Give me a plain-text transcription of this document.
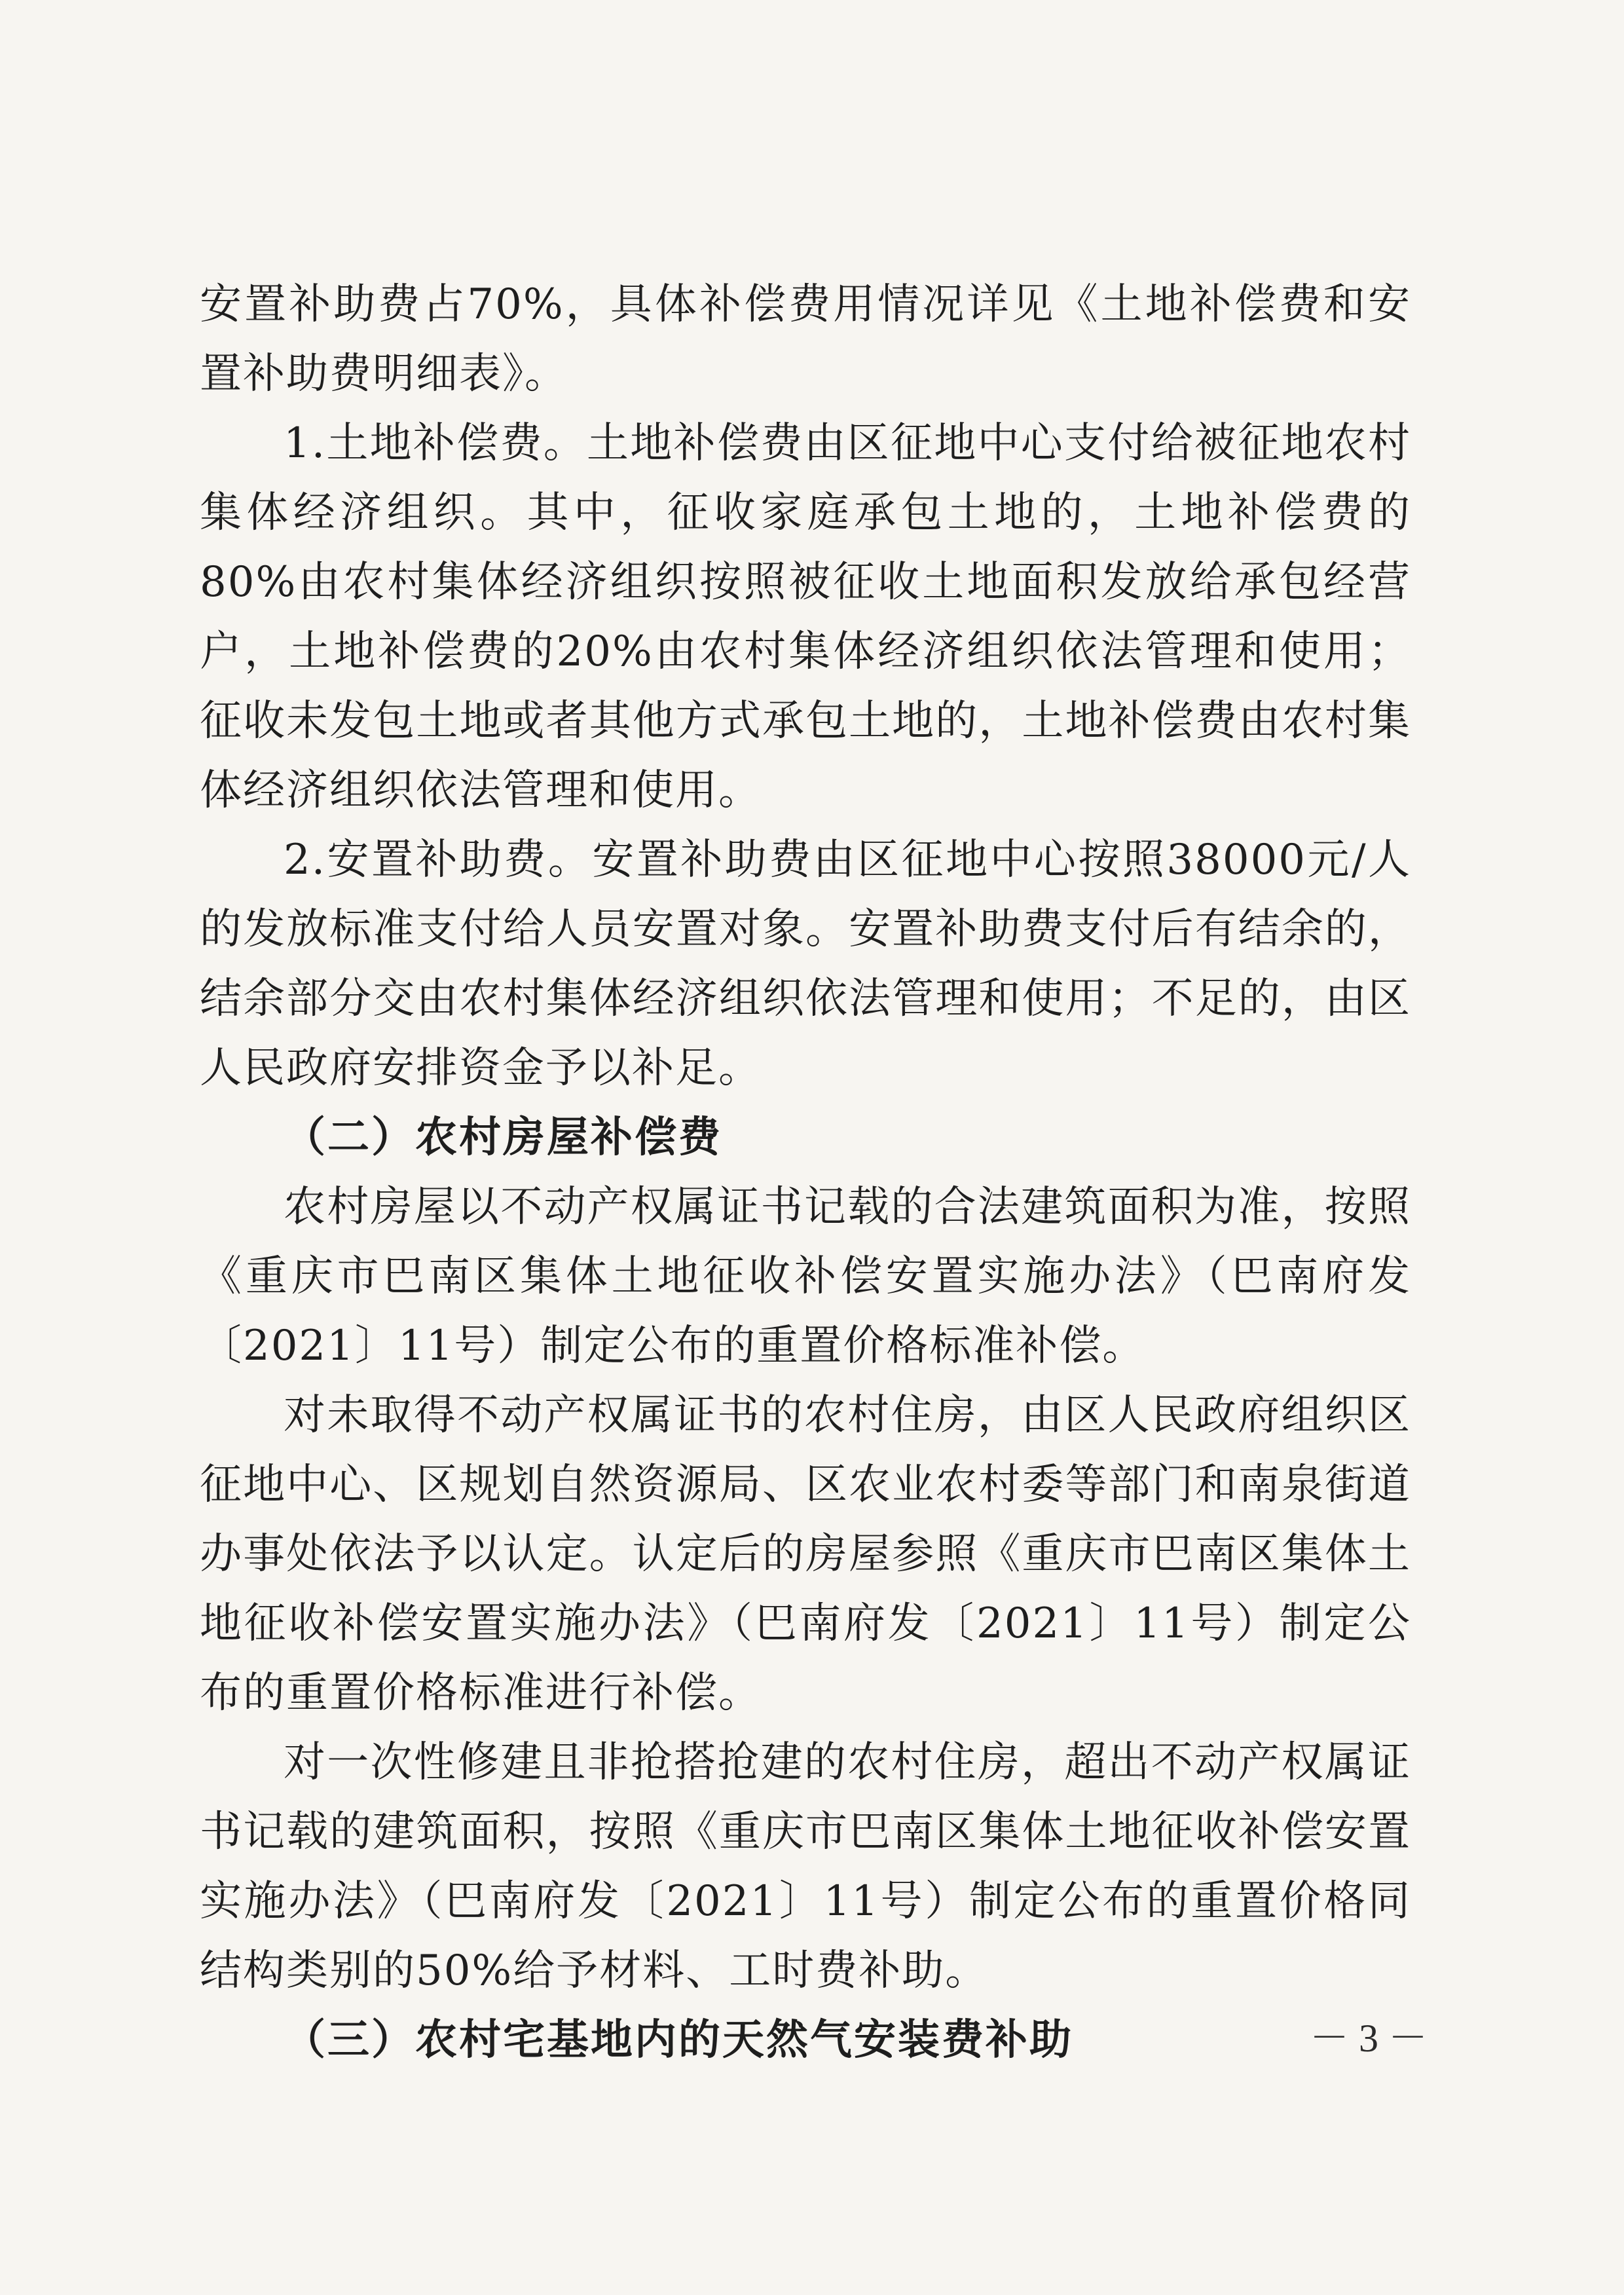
安置补助费占70%，具体补偿费用情况详见《土地补偿费和安置补助费明细表》。

1.土地补偿费。土地补偿费由区征地中心支付给被征地农村集体经济组织。其中，征收家庭承包土地的，土地补偿费的80%由农村集体经济组织按照被征收土地面积发放给承包经营户，土地补偿费的20%由农村集体经济组织依法管理和使用；征收未发包土地或者其他方式承包土地的，土地补偿费由农村集体经济组织依法管理和使用。

2.安置补助费。安置补助费由区征地中心按照38000元/人的发放标准支付给人员安置对象。安置补助费支付后有结余的，结余部分交由农村集体经济组织依法管理和使用；不足的，由区人民政府安排资金予以补足。

（二）农村房屋补偿费

农村房屋以不动产权属证书记载的合法建筑面积为准，按照《重庆市巴南区集体土地征收补偿安置实施办法》（巴南府发〔2021〕11号）制定公布的重置价格标准补偿。

对未取得不动产权属证书的农村住房，由区人民政府组织区征地中心、区规划自然资源局、区农业农村委等部门和南泉街道办事处依法予以认定。认定后的房屋参照《重庆市巴南区集体土地征收补偿安置实施办法》（巴南府发〔2021〕11号）制定公布的重置价格标准进行补偿。

对一次性修建且非抢搭抢建的农村住房，超出不动产权属证书记载的建筑面积，按照《重庆市巴南区集体土地征收补偿安置实施办法》（巴南府发〔2021〕11号）制定公布的重置价格同结构类别的50%给予材料、工时费补助。

（三）农村宅基地内的天然气安装费补助	－ 3 －
